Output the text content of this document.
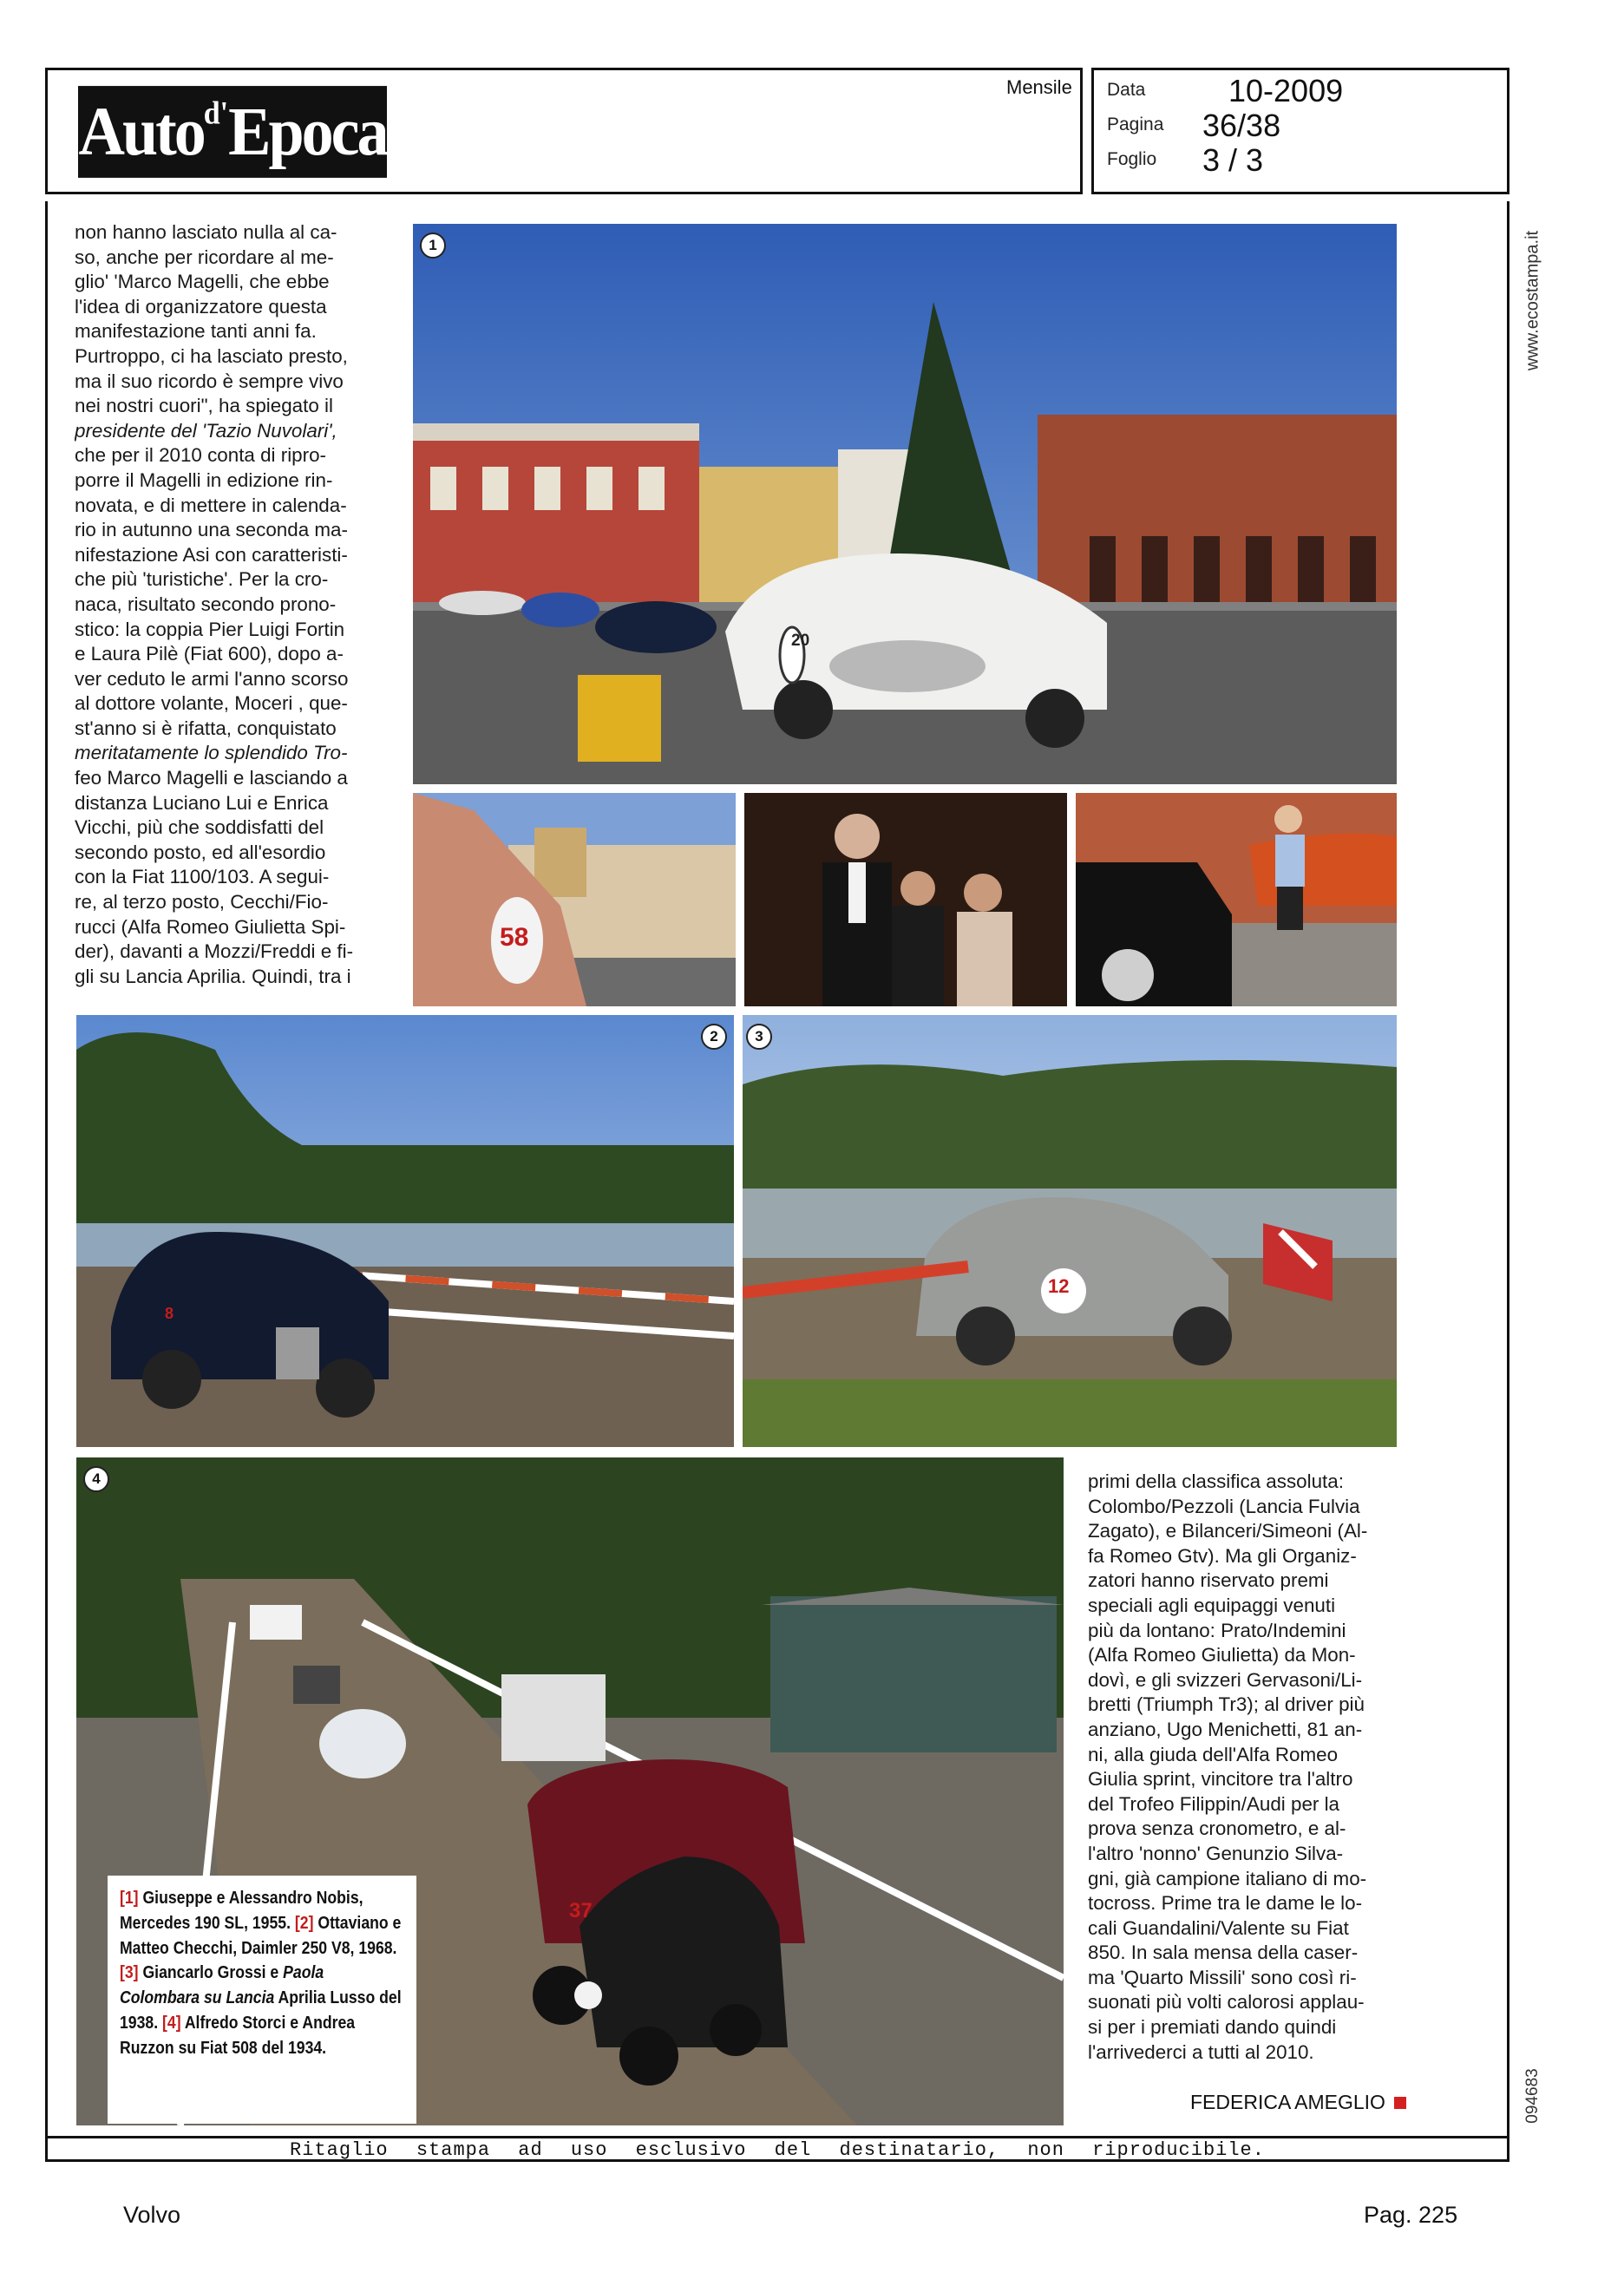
Auto$^{d'}$Epoca
Mensile Data	10-2009
Pagina 36/38
Foglio 3 / 3
www.ecostampa.it
094683
non hanno lasciato nulla al ca-
so, anche per ricordare al me-
glio' 'Marco Magelli, che ebbe
l'idea di organizzatore questa
manifestazione tanti anni fa.
Purtroppo, ci ha lasciato presto,
ma il suo ricordo è sempre vivo
nei nostri cuori", ha spiegato il
presidente del 'Tazio Nuvolari',
che per il 2010 conta di ripro-
porre il Magelli in edizione rin-
novata, e di mettere in calenda-
rio in autunno una seconda ma-
nifestazione Asi con caratteristi-
che più 'turistiche'. Per la cro-
naca, risultato secondo prono-
stico: la coppia Pier Luigi Fortin
e Laura Pilè (Fiat 600), dopo a-
ver ceduto le armi l'anno scorso
al dottore volante, Moceri , que-
st'anno si è rifatta, conquistato
meritatamente lo splendido Tro-
feo Marco Magelli e lasciando a
distanza Luciano Lui e Enrica
Vicchi, più che soddisfatti del
secondo posto, ed all'esordio
con la Fiat 1100/103. A segui-
re, al terzo posto, Cecchi/Fio-
rucci (Alfa Romeo Giulietta Spi-
der), davanti a Mozzi/Freddi e fi-
gli su Lancia Aprilia. Quindi, tra i
20
1
58
8
2
12
3
37
4

[1] Giuseppe e Alessandro Nobis, Mercedes 190 SL, 1955. [2] Ottaviano e Matteo Checchi, Daimler 250 V8, 1968. [3] Giancarlo Grossi e Paola Colombara su Lancia Aprilia Lusso del 1938. [4] Alfredo Storci e Andrea Ruzzon su Fiat 508 del 1934.

primi della classifica assoluta:
Colombo/Pezzoli (Lancia Fulvia
Zagato), e Bilanceri/Simeoni (Al-
fa Romeo Gtv). Ma gli Organiz-
zatori hanno riservato premi
speciali agli equipaggi venuti
più da lontano: Prato/Indemini
(Alfa Romeo Giulietta) da Mon-
dovì, e gli svizzeri Gervasoni/Li-
bretti (Triumph Tr3); al driver più
anziano, Ugo Menichetti, 81 an-
ni, alla giuda dell'Alfa Romeo
Giulia sprint, vincitore tra l'altro
del Trofeo Filippin/Audi per la
prova senza cronometro, e al-
l'altro 'nonno' Genunzio Silva-
gni, già campione italiano di mo-
tocross. Prime tra le dame le lo-
cali Guandalini/Valente su Fiat
850. In sala mensa della caser-
ma 'Quarto Missili' sono così ri-
suonati più volti calorosi applau-
si per i premiati dando quindi
l'arrivederci a tutti al 2010.
FEDERICA AMEGLIO
Ritaglio stampa ad uso esclusivo del destinatario, non riproducibile.
Volvo	Pag. 225
